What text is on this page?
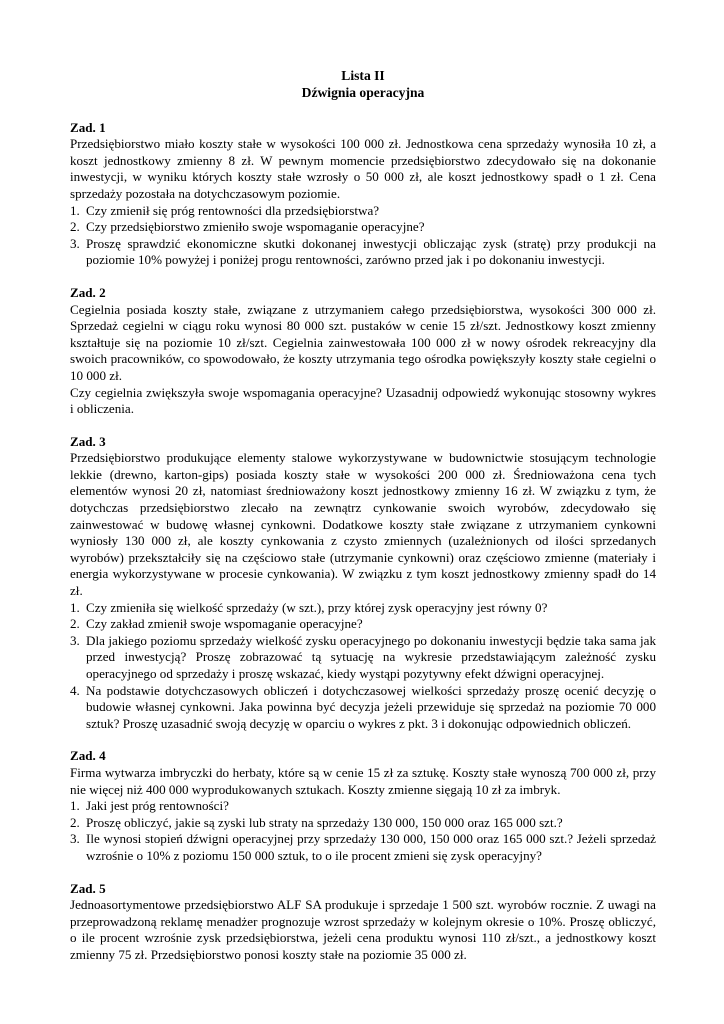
Lista II

Dźwignia operacyjna

Zad. 1

Przedsiębiorstwo miało koszty stałe w wysokości 100 000 zł. Jednostkowa cena sprzedaży wynosiła 10 zł, a koszt jednostkowy zmienny 8 zł. W pewnym momencie przedsiębiorstwo zdecydowało się na dokonanie inwestycji, w wyniku których koszty stałe wzrosły o 50 000 zł, ale koszt jednostkowy spadł o 1 zł. Cena sprzedaży pozostała na dotychczasowym poziomie.

1. Czy zmienił się próg rentowności dla przedsiębiorstwa?
2. Czy przedsiębiorstwo zmieniło swoje wspomaganie operacyjne?
3. Proszę sprawdzić ekonomiczne skutki dokonanej inwestycji obliczając zysk (stratę) przy produkcji na poziomie 10% powyżej i poniżej progu rentowności, zarówno przed jak i po dokonaniu inwestycji.

Zad. 2

Cegielnia posiada koszty stałe, związane z utrzymaniem całego przedsiębiorstwa, wysokości 300 000 zł. Sprzedaż cegielni w ciągu roku wynosi 80 000 szt. pustaków w cenie 15 zł/szt. Jednostkowy koszt zmienny kształtuje się na poziomie 10 zł/szt. Cegielnia zainwestowała 100 000 zł w nowy ośrodek rekreacyjny dla swoich pracowników, co spowodowało, że koszty utrzymania tego ośrodka powiększyły koszty stałe cegielni o 10 000 zł.

Czy cegielnia zwiększyła swoje wspomagania operacyjne? Uzasadnij odpowiedź wykonując stosowny wykres i obliczenia.

Zad. 3

Przedsiębiorstwo produkujące elementy stalowe wykorzystywane w budownictwie stosującym technologie lekkie (drewno, karton-gips) posiada koszty stałe w wysokości 200 000 zł. Średnioważona cena tych elementów wynosi 20 zł, natomiast średnioważony koszt jednostkowy zmienny 16 zł. W związku z tym, że dotychczas przedsiębiorstwo zlecało na zewnątrz cynkowanie swoich wyrobów, zdecydowało się zainwestować w budowę własnej cynkowni. Dodatkowe koszty stałe związane z utrzymaniem cynkowni wyniosły 130 000 zł, ale koszty cynkowania z czysto zmiennych (uzależnionych od ilości sprzedanych wyrobów) przekształciły się na częściowo stałe (utrzymanie cynkowni) oraz częściowo zmienne (materiały i energia wykorzystywane w procesie cynkowania). W związku z tym koszt jednostkowy zmienny spadł do 14 zł.

1. Czy zmieniła się wielkość sprzedaży (w szt.), przy której zysk operacyjny jest równy 0?
2. Czy zakład zmienił swoje wspomaganie operacyjne?
3. Dla jakiego poziomu sprzedaży wielkość zysku operacyjnego po dokonaniu inwestycji będzie taka sama jak przed inwestycją? Proszę zobrazować tą sytuację na wykresie przedstawiającym zależność zysku operacyjnego od sprzedaży i proszę wskazać, kiedy wystąpi pozytywny efekt dźwigni operacyjnej.
4. Na podstawie dotychczasowych obliczeń i dotychczasowej wielkości sprzedaży proszę ocenić decyzję o budowie własnej cynkowni. Jaka powinna być decyzja jeżeli przewiduje się sprzedaż na poziomie 70 000 sztuk? Proszę uzasadnić swoją decyzję w oparciu o wykres z pkt. 3 i dokonując odpowiednich obliczeń.

Zad. 4

Firma wytwarza imbryczki do herbaty, które są w cenie 15 zł za sztukę. Koszty stałe wynoszą 700 000 zł, przy nie więcej niż 400 000 wyprodukowanych sztukach. Koszty zmienne sięgają 10 zł za imbryk.

1. Jaki jest próg rentowności?
2. Proszę obliczyć, jakie są zyski lub straty na sprzedaży 130 000, 150 000 oraz 165 000 szt.?
3. Ile wynosi stopień dźwigni operacyjnej przy sprzedaży 130 000, 150 000 oraz 165 000 szt.? Jeżeli sprzedaż wzrośnie o 10% z poziomu 150 000 sztuk, to o ile procent zmieni się zysk operacyjny?

Zad. 5

Jednoasortymentowe przedsiębiorstwo ALF SA produkuje i sprzedaje 1 500 szt. wyrobów rocznie. Z uwagi na przeprowadzoną reklamę menadżer prognozuje wzrost sprzedaży w kolejnym okresie o 10%. Proszę obliczyć, o ile procent wzrośnie zysk przedsiębiorstwa, jeżeli cena produktu wynosi 110 zł/szt., a jednostkowy koszt zmienny 75 zł. Przedsiębiorstwo ponosi koszty stałe na poziomie 35 000 zł.
